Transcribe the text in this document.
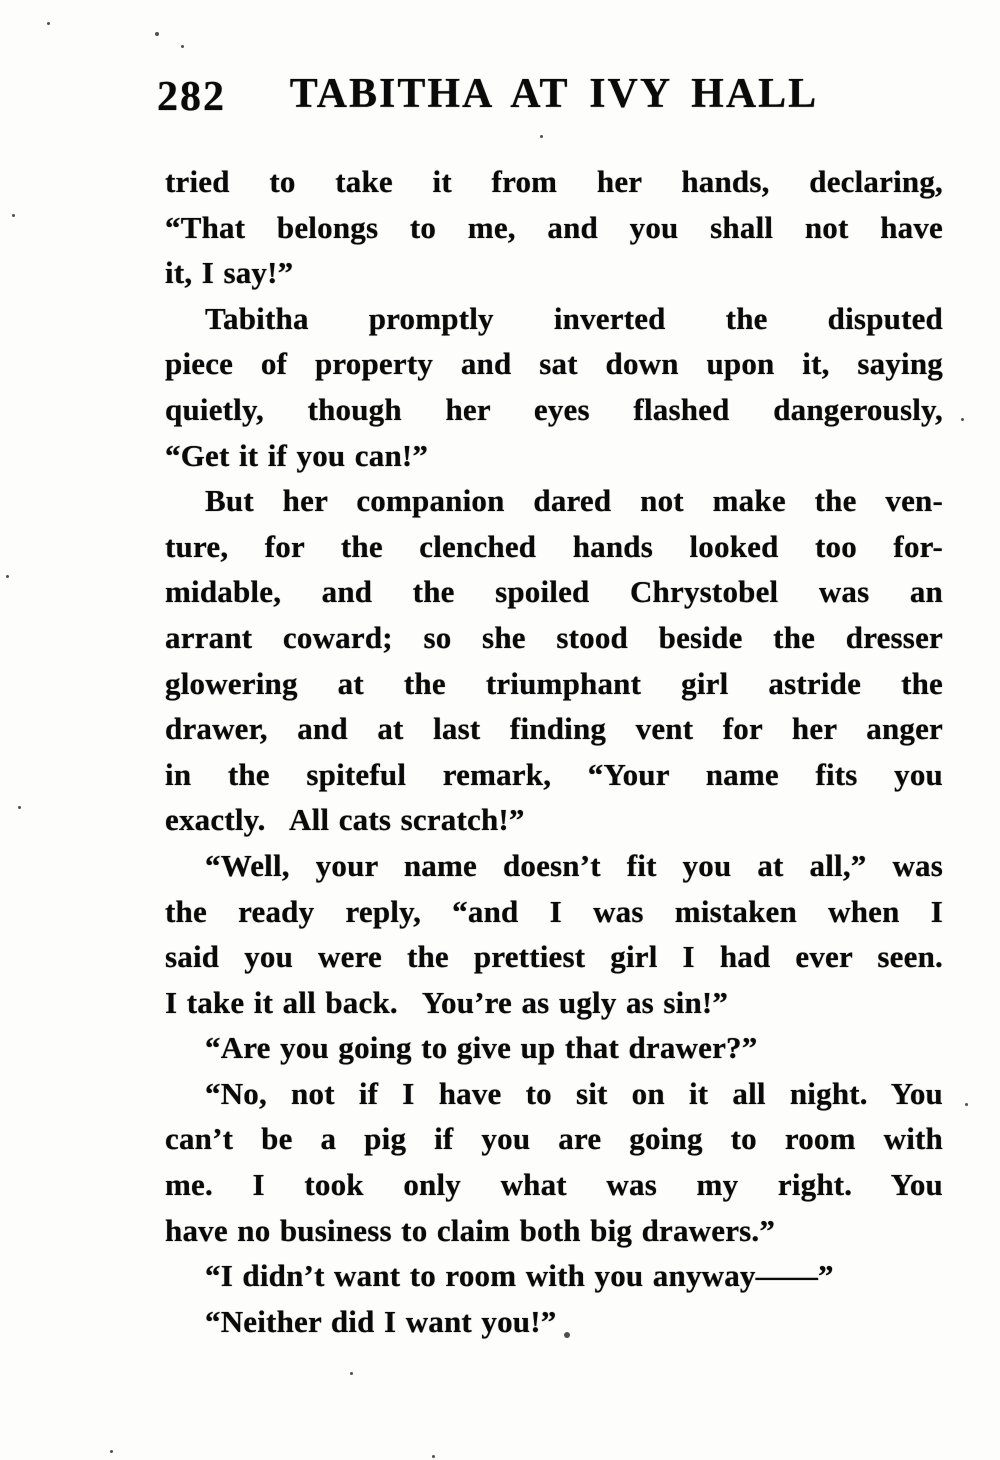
282	TABITHA AT IVY HALL
tried to take it from her hands, declaring,
“That belongs to me, and you shall not have
it, I say!”
Tabitha promptly inverted the disputed
piece of property and sat down upon it, saying
quietly, though her eyes flashed dangerously,
“Get it if you can!”
But her companion dared not make the ven-
ture, for the clenched hands looked too for-
midable, and the spoiled Chrystobel was an
arrant coward; so she stood beside the dresser
glowering at the triumphant girl astride the
drawer, and at last finding vent for her anger
in the spiteful remark, “Your name fits you
exactly.  All cats scratch!”
“Well, your name doesn’t fit you at all,” was
the ready reply, “and I was mistaken when I
said you were the prettiest girl I had ever seen.
I take it all back.  You’re as ugly as sin!”
“Are you going to give up that drawer?”
“No, not if I have to sit on it all night. You
can’t be a pig if you are going to room with
me. I took only what was my right. You
have no business to claim both big drawers.”
“I didn’t want to room with you anyway——”
“Neither did I want you!”
